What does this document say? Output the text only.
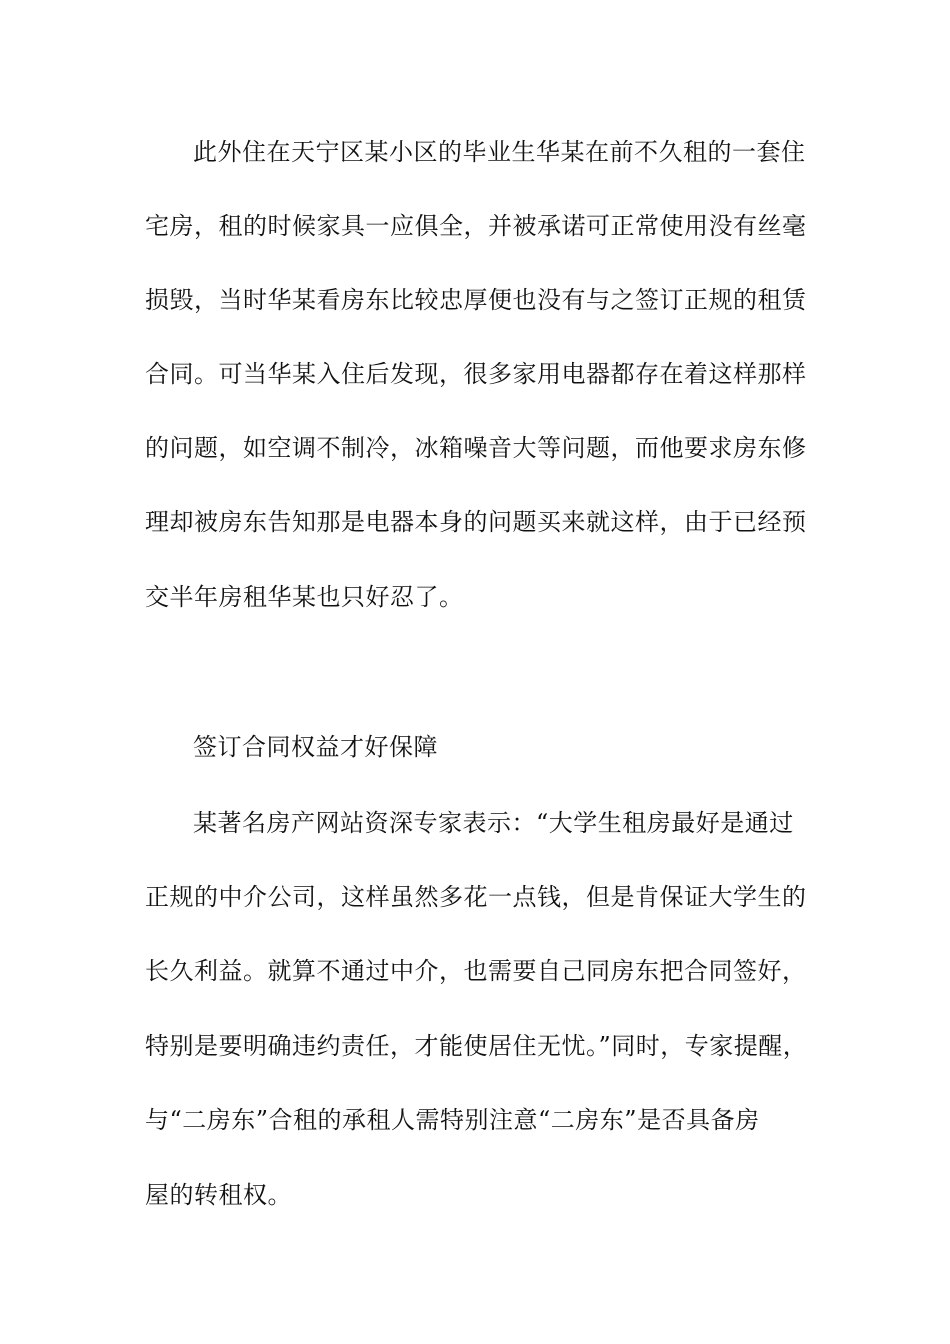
此外住在天宁区某小区的毕业生华某在前不久租的一套住
宅房，租的时候家具一应俱全，并被承诺可正常使用没有丝毫
损毁，当时华某看房东比较忠厚便也没有与之签订正规的租赁
合同。可当华某入住后发现，很多家用电器都存在着这样那样
的问题，如空调不制冷，冰箱噪音大等问题，而他要求房东修
理却被房东告知那是电器本身的问题买来就这样，由于已经预
交半年房租华某也只好忍了。
签订合同权益才好保障
某著名房产网站资深专家表示：“大学生租房最好是通过
正规的中介公司，这样虽然多花一点钱，但是肯保证大学生的
长久利益。就算不通过中介，也需要自己同房东把合同签好，
特别是要明确违约责任，才能使居住无忧。”同时，专家提醒，
与“二房东”合租的承租人需特别注意“二房东”是否具备房
屋的转租权。
